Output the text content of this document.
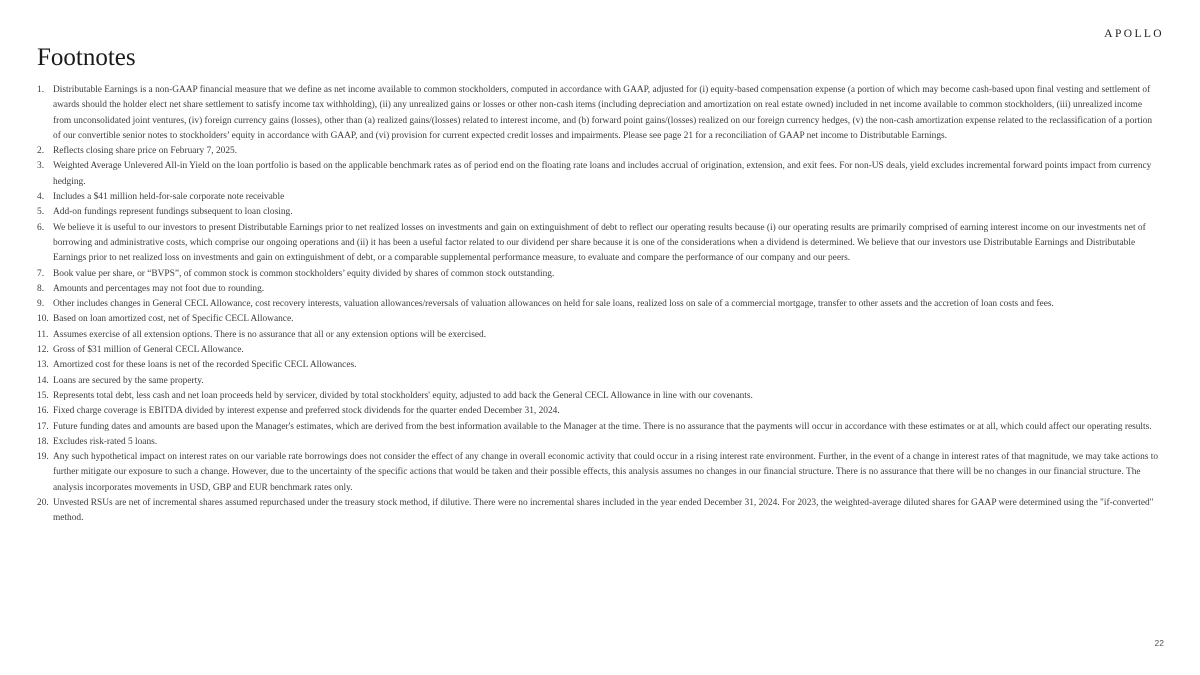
APOLLO
Footnotes
1. Distributable Earnings is a non-GAAP financial measure that we define as net income available to common stockholders, computed in accordance with GAAP, adjusted for (i) equity-based compensation expense (a portion of which may become cash-based upon final vesting and settlement of awards should the holder elect net share settlement to satisfy income tax withholding), (ii) any unrealized gains or losses or other non-cash items (including depreciation and amortization on real estate owned) included in net income available to common stockholders, (iii) unrealized income from unconsolidated joint ventures, (iv) foreign currency gains (losses), other than (a) realized gains/(losses) related to interest income, and (b) forward point gains/(losses) realized on our foreign currency hedges, (v) the non-cash amortization expense related to the reclassification of a portion of our convertible senior notes to stockholders’ equity in accordance with GAAP, and (vi) provision for current expected credit losses and impairments. Please see page 21 for a reconciliation of GAAP net income to Distributable Earnings.
2. Reflects closing share price on February 7, 2025.
3. Weighted Average Unlevered All-in Yield on the loan portfolio is based on the applicable benchmark rates as of period end on the floating rate loans and includes accrual of origination, extension, and exit fees. For non-US deals, yield excludes incremental forward points impact from currency hedging.
4. Includes a $41 million held-for-sale corporate note receivable
5. Add-on fundings represent fundings subsequent to loan closing.
6. We believe it is useful to our investors to present Distributable Earnings prior to net realized losses on investments and gain on extinguishment of debt to reflect our operating results because (i) our operating results are primarily comprised of earning interest income on our investments net of borrowing and administrative costs, which comprise our ongoing operations and (ii) it has been a useful factor related to our dividend per share because it is one of the considerations when a dividend is determined. We believe that our investors use Distributable Earnings and Distributable Earnings prior to net realized loss on investments and gain on extinguishment of debt, or a comparable supplemental performance measure, to evaluate and compare the performance of our company and our peers.
7. Book value per share, or “BVPS”, of common stock is common stockholders’ equity divided by shares of common stock outstanding.
8. Amounts and percentages may not foot due to rounding.
9. Other includes changes in General CECL Allowance, cost recovery interests, valuation allowances/reversals of valuation allowances on held for sale loans, realized loss on sale of a commercial mortgage, transfer to other assets and the accretion of loan costs and fees.
10. Based on loan amortized cost, net of Specific CECL Allowance.
11. Assumes exercise of all extension options. There is no assurance that all or any extension options will be exercised.
12. Gross of $31 million of General CECL Allowance.
13. Amortized cost for these loans is net of the recorded Specific CECL Allowances.
14. Loans are secured by the same property.
15. Represents total debt, less cash and net loan proceeds held by servicer, divided by total stockholders' equity, adjusted to add back the General CECL Allowance in line with our covenants.
16. Fixed charge coverage is EBITDA divided by interest expense and preferred stock dividends for the quarter ended December 31, 2024.
17. Future funding dates and amounts are based upon the Manager's estimates, which are derived from the best information available to the Manager at the time. There is no assurance that the payments will occur in accordance with these estimates or at all, which could affect our operating results.
18. Excludes risk-rated 5 loans.
19. Any such hypothetical impact on interest rates on our variable rate borrowings does not consider the effect of any change in overall economic activity that could occur in a rising interest rate environment. Further, in the event of a change in interest rates of that magnitude, we may take actions to further mitigate our exposure to such a change. However, due to the uncertainty of the specific actions that would be taken and their possible effects, this analysis assumes no changes in our financial structure. There is no assurance that there will be no changes in our financial structure. The analysis incorporates movements in USD, GBP and EUR benchmark rates only.
20. Unvested RSUs are net of incremental shares assumed repurchased under the treasury stock method, if dilutive. There were no incremental shares included in the year ended December 31, 2024. For 2023, the weighted-average diluted shares for GAAP were determined using the "if-converted" method.
22
